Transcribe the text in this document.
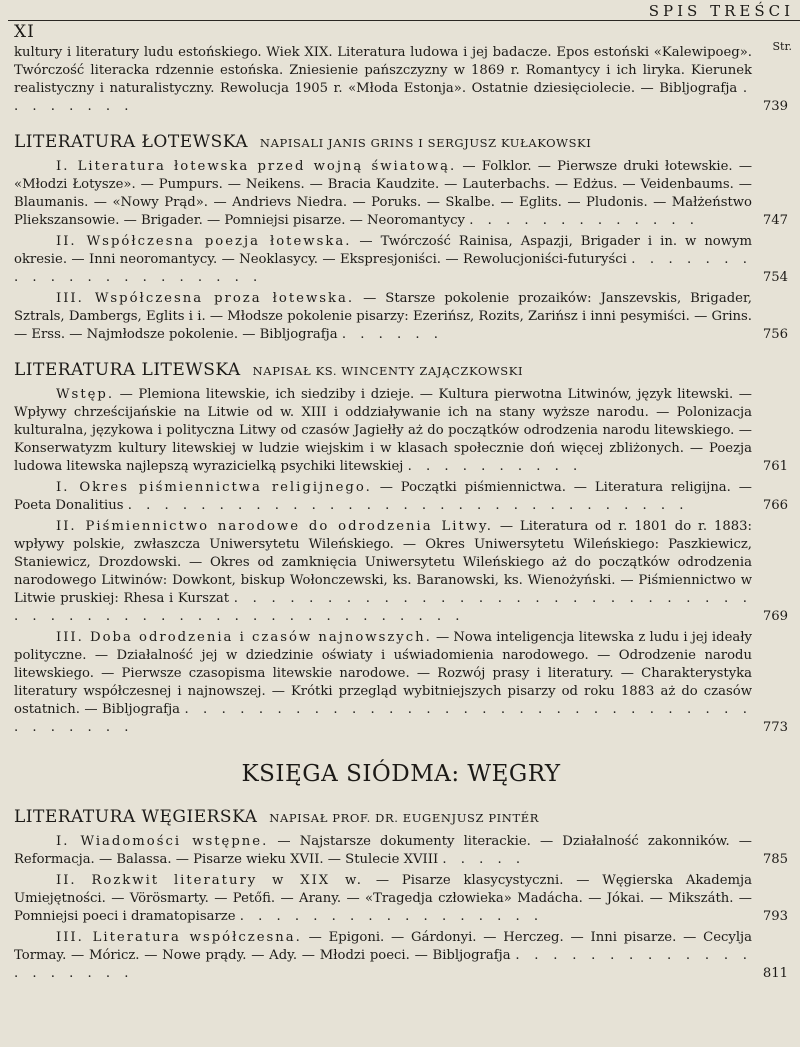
XI
SPIS TREŚCI
Str.
kultury i literatury ludu estońskiego. Wiek XIX. Literatura ludowa i jej badacze. Epos estoński «Kalewipoeg». Twórczość literacka rdzennie estońska. Zniesienie pańszczyzny w 1869 r. Romantycy i ich liryka. Kierunek realistyczny i naturalistyczny. Rewolucja 1905 r. «Młoda Estonja». Ostatnie dziesięciolecie. — Bibljografja . . . . . . . .	739
LITERATURA ŁOTEWSKA NAPISALI JANIS GRINS I SERGJUSZ KUŁAKOWSKI
I. Literatura łotewska przed wojną światową. — Folklor. — Pierwsze druki łotewskie. — «Młodzi Łotysze». — Pumpurs. — Neikens. — Bracia Kaudzite. — Lauterbachs. — Edżus. — Veidenbaums. — Blaumanis. — «Nowy Prąd». — Andrievs Niedra. — Poruks. — Skalbe. — Eglits. — Pludonis. — Małżeństwo Pliekszansowie. — Brigader. — Pomniejsi pisarze. — Neoromantycy . . . . . . . . . . . . .	747
II. Współczesna poezja łotewska. — Twórczość Rainisa, Aspazji, Brigader i in. w nowym okresie. — Inni neoromantycy. — Neoklasycy. — Ekspresjoniści. — Rewolucjoniści-futuryści . . . . . . . . . . . . . . . . . . . . .	754
III. Współczesna proza łotewska. — Starsze pokolenie prozaików: Janszevskis, Brigader, Sztrals, Dambergs, Eglits i i. — Młodsze pokolenie pisarzy: Ezerińsz, Rozits, Zarińsz i inni pesymiści. — Grins. — Erss. — Najmłodsze pokolenie. — Bibljografja . . . . . .	756
LITERATURA LITEWSKA NAPISAŁ KS. WINCENTY ZAJĄCZKOWSKI
Wstęp. — Plemiona litewskie, ich siedziby i dzieje. — Kultura pierwotna Litwinów, język litewski. — Wpływy chrześcijańskie na Litwie od w. XIII i oddziaływanie ich na stany wyższe narodu. — Polonizacja kulturalna, językowa i polityczna Litwy od czasów Jagiełły aż do początków odrodzenia narodu litewskiego. — Konserwatyzm kultury litewskiej w ludzie wiejskim i w klasach społecznie doń więcej zbliżonych. — Poezja ludowa litewska najlepszą wyrazicielką psychiki litewskiej . . . . . . . . . .	761
I. Okres piśmiennictwa religijnego. — Początki piśmiennictwa. — Literatura religijna. — Poeta Donalitius . . . . . . . . . . . . . . . . . . . . . . . . . . . . . . .	766
II. Piśmiennictwo narodowe do odrodzenia Litwy. — Literatura od r. 1801 do r. 1883: wpływy polskie, zwłaszcza Uniwersytetu Wileńskiego. — Okres Uniwersytetu Wileńskiego: Paszkiewicz, Staniewicz, Drozdowski. — Okres od zamknięcia Uniwersytetu Wileńskiego aż do początków odrodzenia narodowego Litwinów: Dowkont, biskup Wołonczewski, ks. Baranowski, ks. Wienożyński. — Piśmiennictwo w Litwie pruskiej: Rhesa i Kurszat . . . . . . . . . . . . . . . . . . . . . . . . . . . . . . . . . . . . . . . . . . . . . . . . . . . . .	769
III. Doba odrodzenia i czasów najnowszych. — Nowa inteligencja litewska z ludu i jej ideały polityczne. — Działalność jej w dziedzinie oświaty i uświadomienia narodowego. — Odrodzenie narodu litewskiego. — Pierwsze czasopisma litewskie narodowe. — Rozwój prasy i literatury. — Charakterystyka literatury współczesnej i najnowszej. — Krótki przegląd wybitniejszych pisarzy od roku 1883 aż do czasów ostatnich. — Bibljografja . . . . . . . . . . . . . . . . . . . . . . . . . . . . . . . . . . . . . .	773
KSIĘGA SIÓDMA: WĘGRY
LITERATURA WĘGIERSKA NAPISAŁ PROF. DR. EUGENJUSZ PINTÉR
I. Wiadomości wstępne. — Najstarsze dokumenty literackie. — Działalność zakonników. — Reformacja. — Balassa. — Pisarze wieku XVII. — Stulecie XVIII . . . . .	785
II. Rozkwit literatury w XIX w. — Pisarze klasycystyczni. — Węgierska Akademja Umiejętności. — Vörösmarty. — Petőfi. — Arany. — «Tragedja człowieka» Madácha. — Jókai. — Mikszáth. — Pomniejsi poeci i dramatopisarze . . . . . . . . . . . . . . . . .	793
III. Literatura współczesna. — Epigoni. — Gárdonyi. — Herczeg. — Inni pisarze. — Cecylja Tormay. — Móricz. — Nowe prądy. — Ady. — Młodzi poeci. — Bibljografja . . . . . . . . . . . . . . . . . . . .	811
